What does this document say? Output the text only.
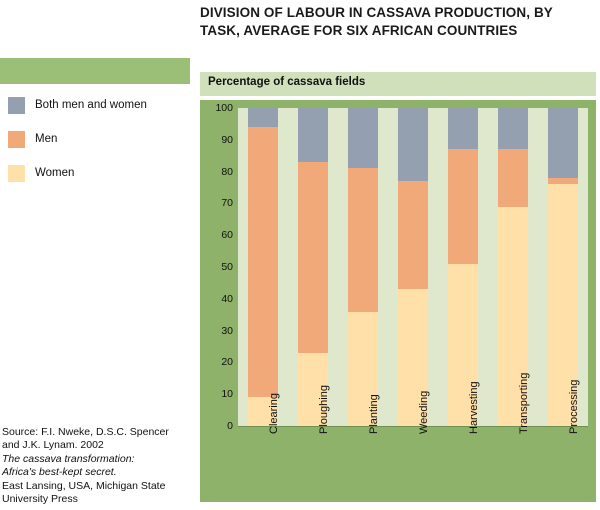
DIVISION OF LABOUR IN CASSAVA PRODUCTION, BY TASK, AVERAGE FOR SIX AFRICAN COUNTRIES
Both men and women
Men
Women
Source: F.I. Nweke, D.S.C. Spencer
and J.K. Lynam. 2002
The cassava transformation:
Africa's best-kept secret.
East Lansing, USA, Michigan State
University Press
Percentage of cassava fields
0
10
20
30
40
50
60
70
80
90
100
Clearing	Ploughing	Planting	Weeding	Harvesting	Transporting	Processing
